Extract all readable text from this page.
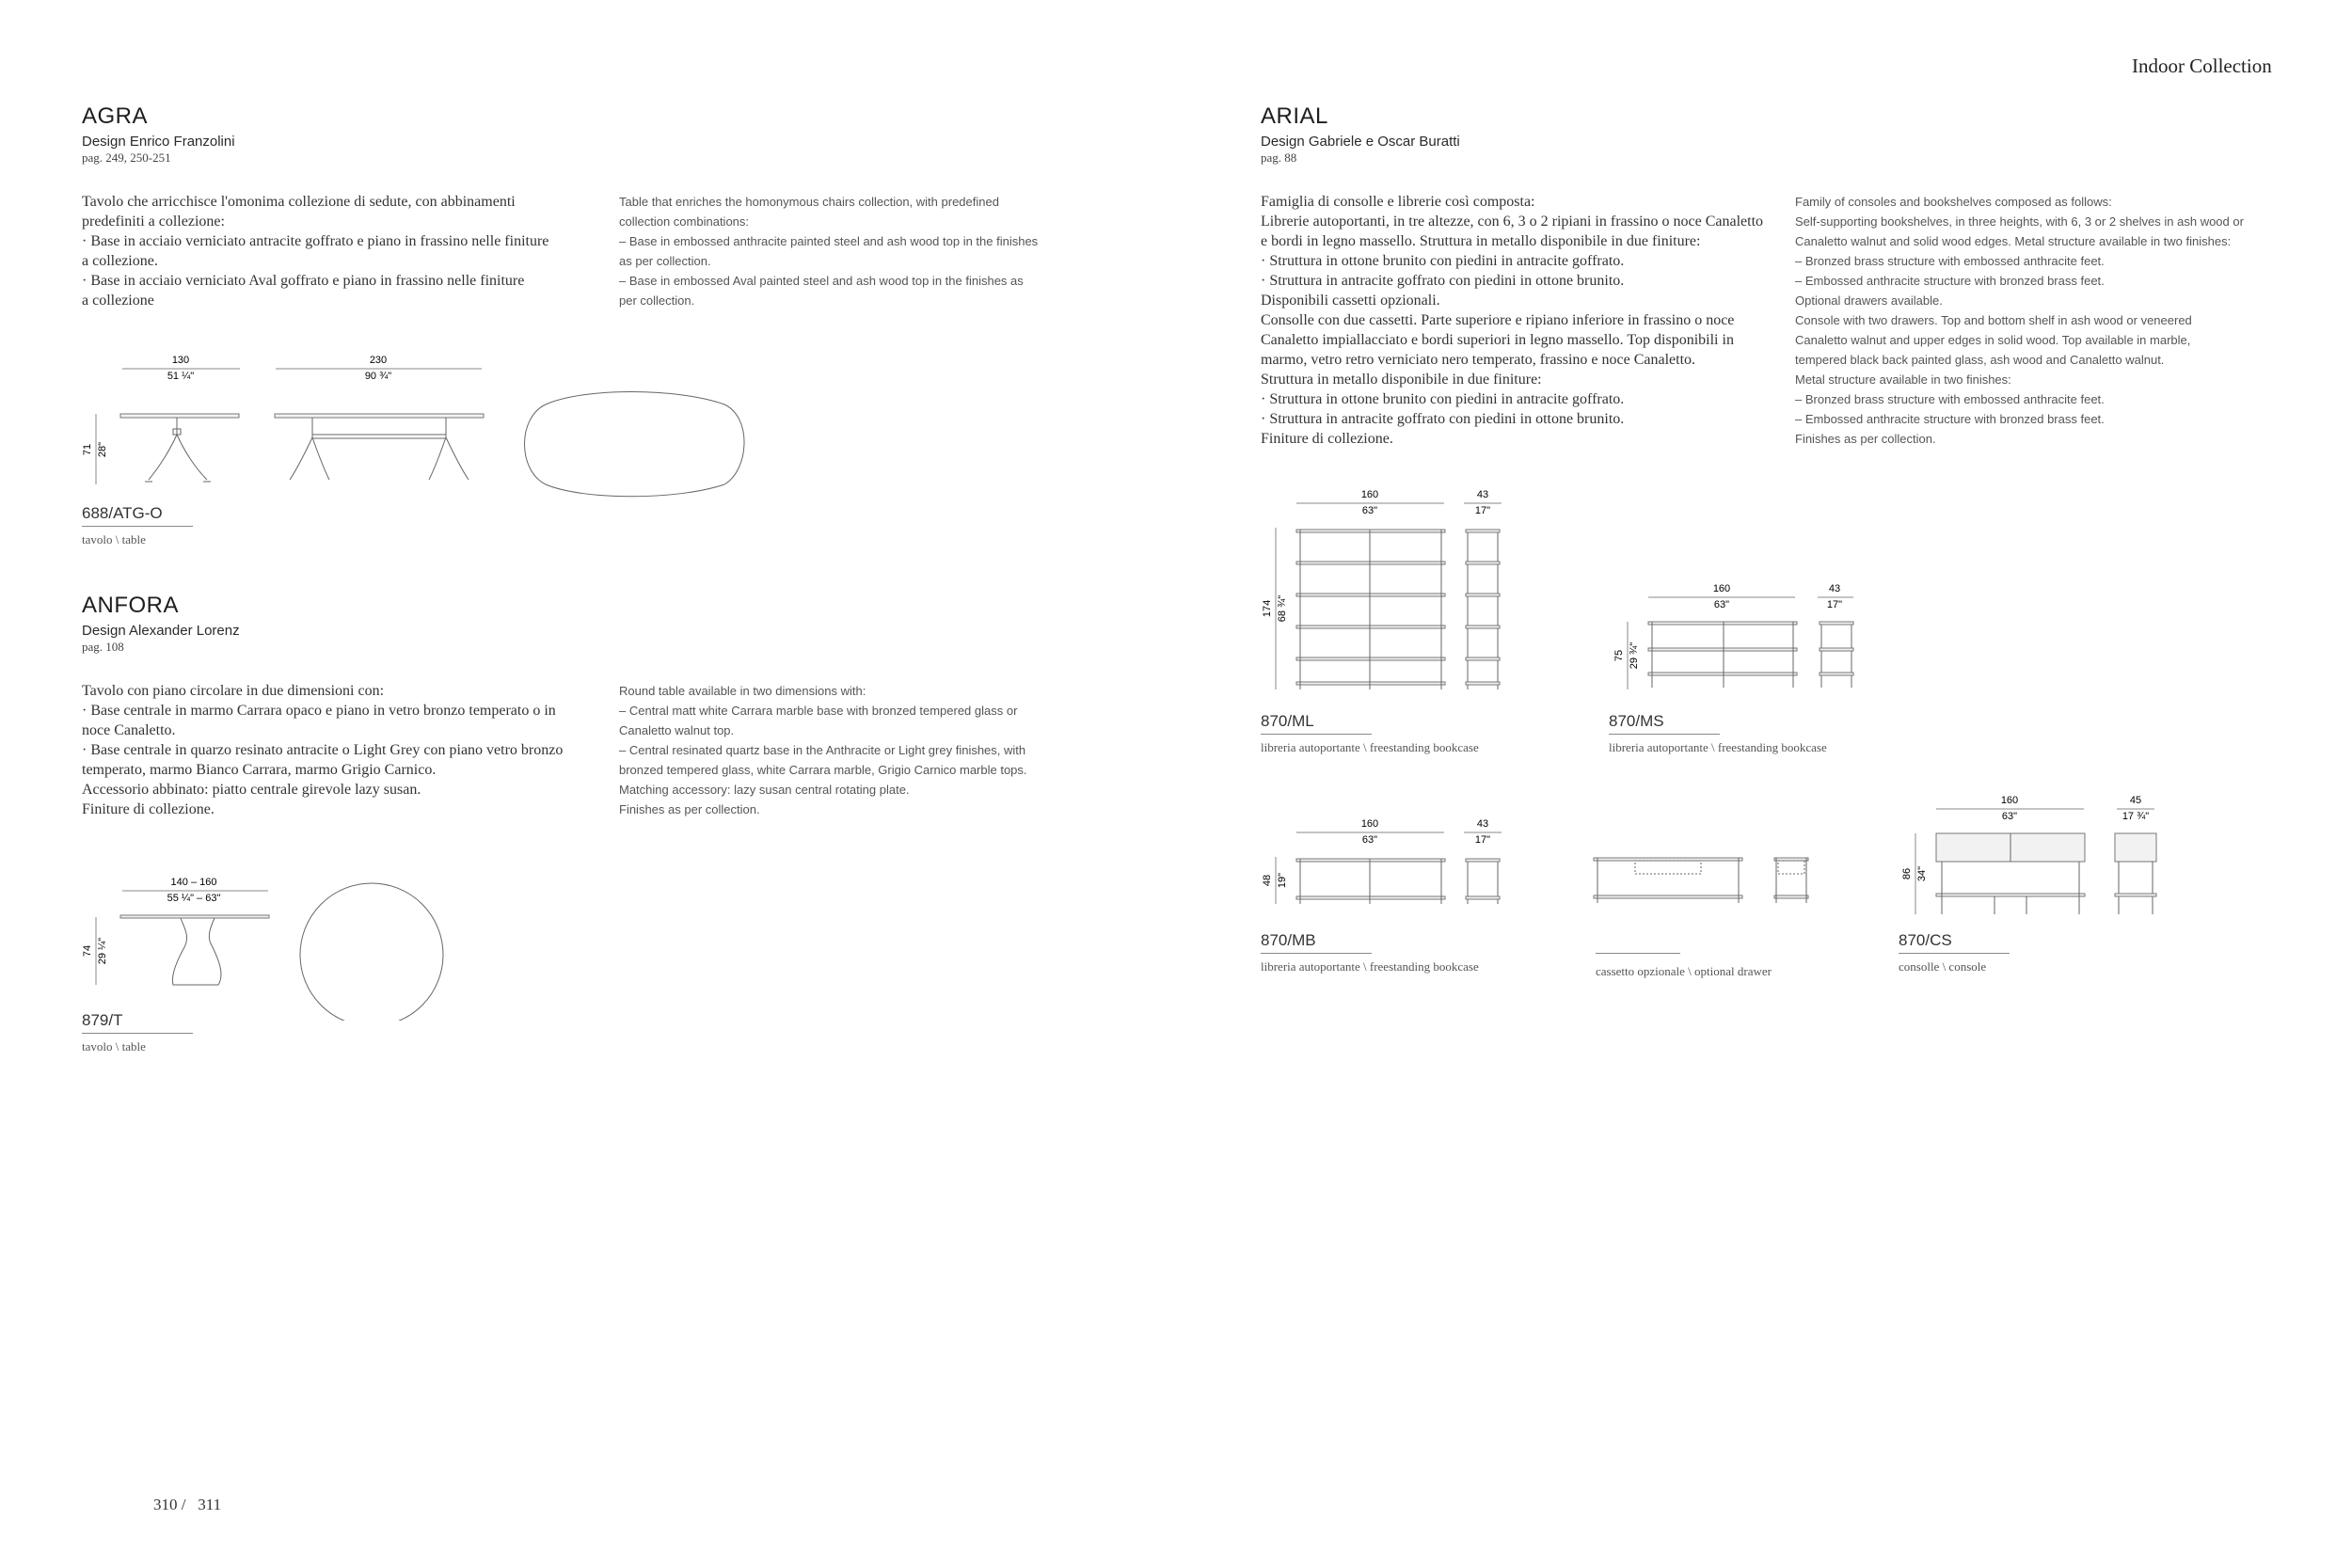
Indoor Collection
AGRA
Design Enrico Franzolini
pag. 249, 250-251
Tavolo che arricchisce l'omonima collezione di sedute, con abbinamenti
predefiniti a collezione:
· Base in acciaio verniciato antracite goffrato e piano in frassino nelle finiture
a collezione.
· Base in acciaio verniciato Aval goffrato e piano in frassino nelle finiture
a collezione
Table that enriches the homonymous chairs collection, with predefined
collection combinations:
– Base in embossed anthracite painted steel and ash wood top in the finishes
as per collection.
– Base in embossed Aval painted steel and ash wood top in the finishes as
per collection.
130
51 ¼"
230
90 ¾"
71 28"
688/ATG-O
tavolo \ table
ANFORA
Design Alexander Lorenz
pag. 108
Tavolo con piano circolare in due dimensioni con:
· Base centrale in marmo Carrara opaco e piano in vetro bronzo temperato o in
noce Canaletto.
· Base centrale in quarzo resinato antracite o Light Grey con piano vetro bronzo
temperato, marmo Bianco Carrara, marmo Grigio Carnico.
Accessorio abbinato: piatto centrale girevole lazy susan.
Finiture di collezione.
Round table available in two dimensions with:
– Central matt white Carrara marble base with bronzed tempered glass or
Canaletto walnut top.
– Central resinated quartz base in the Anthracite or Light grey finishes, with
bronzed tempered glass, white Carrara marble, Grigio Carnico marble tops.
Matching accessory: lazy susan central rotating plate.
Finishes as per collection.
140 – 160
55 ¼" – 63"
74 29 ¼"
879/T
tavolo \ table
ARIAL
Design Gabriele e Oscar Buratti
pag. 88
Famiglia di consolle e librerie così composta:
Librerie autoportanti, in tre altezze, con 6, 3 o 2 ripiani in frassino o noce Canaletto
e bordi in legno massello. Struttura in metallo disponibile in due finiture:
· Struttura in ottone brunito con piedini in antracite goffrato.
· Struttura in antracite goffrato con piedini in ottone brunito.
Disponibili cassetti opzionali.
Consolle con due cassetti. Parte superiore e ripiano inferiore in frassino o noce
Canaletto impiallacciato e bordi superiori in legno massello. Top disponibili in
marmo, vetro retro verniciato nero temperato, frassino e noce Canaletto.
Struttura in metallo disponibile in due finiture:
· Struttura in ottone brunito con piedini in antracite goffrato.
· Struttura in antracite goffrato con piedini in ottone brunito.
Finiture di collezione.
Family of consoles and bookshelves composed as follows:
Self-supporting bookshelves, in three heights, with 6, 3 or 2 shelves in ash wood or
Canaletto walnut and solid wood edges. Metal structure available in two finishes:
– Bronzed brass structure with embossed anthracite feet.
– Embossed anthracite structure with bronzed brass feet.
Optional drawers available.
Console with two drawers. Top and bottom shelf in ash wood or veneered
Canaletto walnut and upper edges in solid wood. Top available in marble,
tempered black back painted glass, ash wood and Canaletto walnut.
Metal structure available in two finishes:
– Bronzed brass structure with embossed anthracite feet.
– Embossed anthracite structure with bronzed brass feet.
Finishes as per collection.
160
63"
43
17"
174 68 ¾"
870/ML
libreria autoportante \ freestanding bookcase
160
63"
43
17"
75 29 ¾"
870/MS
libreria autoportante \ freestanding bookcase
160
63"
43
17"
48 19"
870/MB
libreria autoportante \ freestanding bookcase	cassetto opzionale \ optional drawer
160
63"
45
17 ¾"
86 34"
870/CS
consolle \ console
310 /   311
